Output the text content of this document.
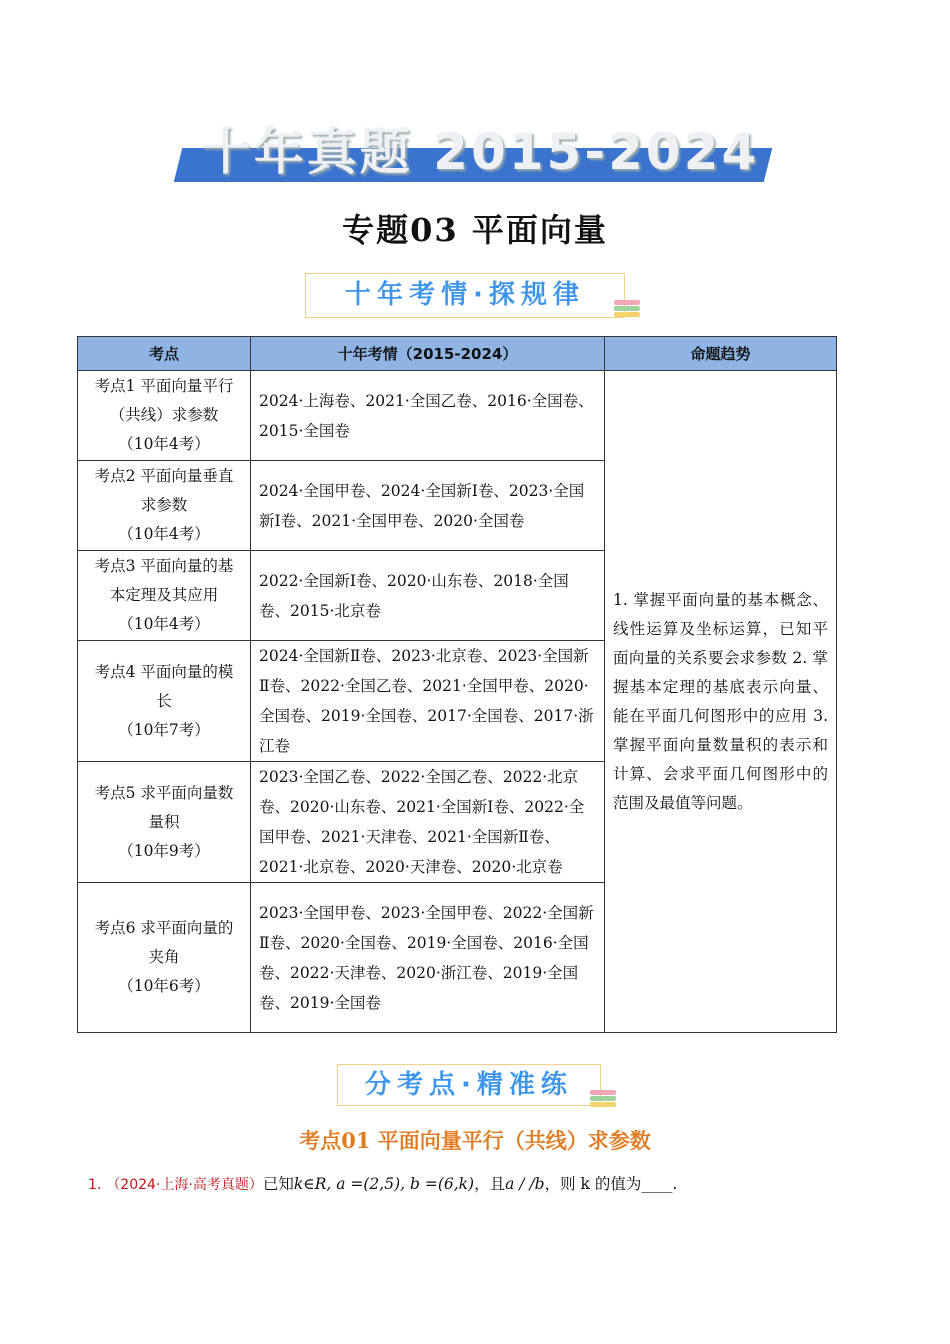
十年真题 2015-2024
专题03 平面向量
十年考情·探规律
考点	十年考情（2015-2024）	命题趋势

考点1 平面向量平行
（共线）求参数
（10年4考）	2024·上海卷、2021·全国乙卷、2016·全国卷、2015·全国卷	1. 掌握平面向量的基本概念、线性运算及坐标运算，已知平面向量的关系要会求参数 2. 掌握基本定理的基底表示向量、能在平面几何图形中的应用 3. 掌握平面向量数量积的表示和计算、会求平面几何图形中的范围及最值等问题。

考点2 平面向量垂直
求参数
（10年4考）	2024·全国甲卷、2024·全国新Ⅰ卷、2023·全国新Ⅰ卷、2021·全国甲卷、2020·全国卷	

考点3 平面向量的基
本定理及其应用
（10年4考）	2022·全国新Ⅰ卷、2020·山东卷、2018·全国卷、2015·北京卷	

考点4 平面向量的模
长
（10年7考）	2024·全国新Ⅱ卷、2023·北京卷、2023·全国新Ⅱ卷、2022·全国乙卷、2021·全国甲卷、2020·全国卷、2019·全国卷、2017·全国卷、2017·浙江卷	

考点5 求平面向量数
量积
（10年9考）	2023·全国乙卷、2022·全国乙卷、2022·北京卷、2020·山东卷、2021·全国新Ⅰ卷、2022·全国甲卷、2021·天津卷、2021·全国新Ⅱ卷、2021·北京卷、2020·天津卷、2020·北京卷	

考点6 求平面向量的
夹角
（10年6考）	2023·全国甲卷、2023·全国甲卷、2022·全国新Ⅱ卷、2020·全国卷、2019·全国卷、2016·全国卷、2022·天津卷、2020·浙江卷、2019·全国卷、2019·全国卷	
分考点·精准练
考点01 平面向量平行（共线）求参数
1. （2024·上海·高考真题）已知k∈R, a =(2,5), b =(6,k)，且a / /b，则 k 的值为____.
